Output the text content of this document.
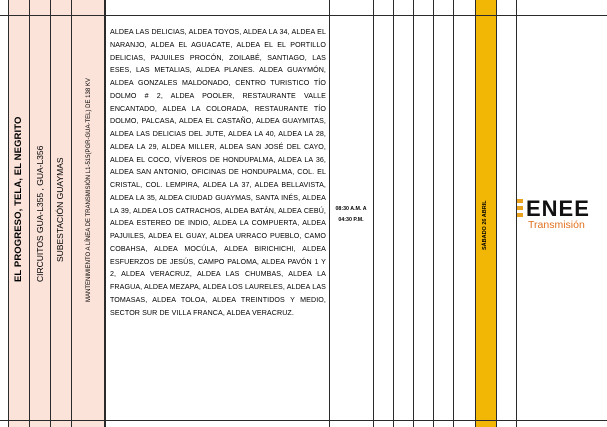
EL PROGRESO, TELA, EL NEGRITO CIRCUITOS GUA-L355 , GUA-L356 SUBESTACIÓN GUAYMAS	MANTENIMIENTO A LÍNEA DE TRANSMISIÓN L1-515(PGR-GUA-TEL) DE 138 KV
ALDEA LAS DELICIAS, ALDEA TOYOS, ALDEA LA 34, ALDEA EL NARANJO, ALDEA EL AGUACATE, ALDEA EL EL PORTILLO DELICIAS, PAJUILES PROCÓN, ZOILABÉ, SANTIAGO, LAS ESES, LAS METALIAS, ALDEA PLANES. ALDEA GUAYMÓN, ALDEA GONZALES MALDONADO, CENTRO TURISTICO TÍO DOLMO # 2, ALDEA POOLER, RESTAURANTE VALLE ENCANTADO, ALDEA LA COLORADA, RESTAURANTE TÍO DOLMO, PALCASA, ALDEA EL CASTAÑO, ALDEA GUAYMITAS, ALDEA LAS DELICIAS DEL JUTE, ALDEA LA 40, ALDEA LA 28, ALDEA LA 29, ALDEA MILLER, ALDEA SAN JOSÉ DEL CAYO, ALDEA EL COCO, VÍVEROS DE HONDUPALMA, ALDEA LA 36, ALDEA SAN ANTONIO, OFICINAS DE HONDUPALMA, COL. EL CRISTAL, COL. LEMPIRA, ALDEA LA 37, ALDEA BELLAVISTA, ALDEA LA 35, ALDEA CIUDAD GUAYMAS, SANTA INÉS, ALDEA LA 39, ALDEA LOS CATRACHOS, ALDEA BATÁN, ALDEA CEBÚ, ALDEA ESTEREO DE INDIO, ALDEA LA COMPUERTA, ALDEA PAJUILES, ALDEA EL GUAY, ALDEA URRACO PUEBLO, CAMO COBAHSA, ALDEA MOCÚLA, ALDEA BIRICHICHI, ALDEA ESFUERZOS DE JESÚS, CAMPO PALOMA, ALDEA PAVÓN 1 Y 2, ALDEA VERACRUZ, ALDEA LAS CHUMBAS, ALDEA LA FRAGUA, ALDEA MEZAPA, ALDEA LOS LAURELES, ALDEA LAS TOMASAS, ALDEA TOLOA, ALDEA TREINTIDOS Y MEDIO, SECTOR SUR DE VILLA FRANCA, ALDEA VERACRUZ.
08:30 A.M. A
04:30 P.M.	SÁBADO 26 ABRIL ENEE
Transmisión
